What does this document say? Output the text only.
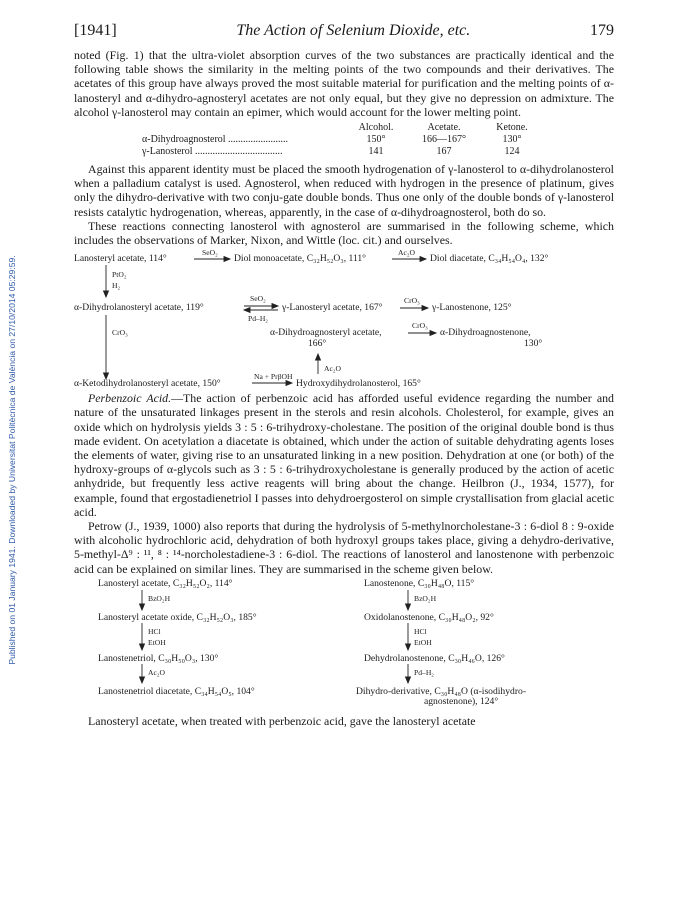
Published on 01 January 1941. Downloaded by Universitat Politècnica de València on 27/10/2014 05:29:59.
[1941]	The Action of Selenium Dioxide, etc.	179

noted (Fig. 1) that the ultra-violet absorption curves of the two substances are practically identical and the following table shows the similarity in the melting points of the two compounds and their derivatives. The acetates of this group have always proved the most suitable material for purification and the melting points of α-lanosteryl and α-dihydro-agnosteryl acetates are not only equal, but they give no depression on admixture. The alcohol γ-lanosterol may contain an epimer, which would account for the lower melting point.

	Alcohol.	Acetate.	Ketone.
α-Dihydroagnosterol ........................	150°	166—167°	130°
γ-Lanosterol ...................................	141	167	124

Against this apparent identity must be placed the smooth hydrogenation of γ-lanosterol to α-dihydrolanosterol when a palladium catalyst is used. Agnosterol, when reduced with hydrogen in the presence of platinum, gives only the dihydro-derivative with two conju-gate double bonds. Thus one only of the double bonds of γ-lanosterol resists catalytic hydrogenation, whereas, apparently, in the case of α-dihydroagnosterol, both do so.

These reactions connecting lanosterol with agnosterol are summarised in the following scheme, which includes the observations of Marker, Nixon, and Wittle (loc. cit.) and ourselves.

Lanosteryl acetate, 114°
SeO₂
Diol monoacetate, C₃₂H₅₂O₃, 111°
Ac₂O
Diol diacetate, C₃₄H₅₄O₄, 132°
PtO₂
H₂
α-Dihydrolanosteryl acetate, 119°
SeO₂
Pd–H₂
γ-Lanosteryl acetate, 167°
CrO₃
γ-Lanostenone, 125°
CrO₃	α-Dihydroagnosteryl acetate,
166°
CrO₃
α-Dihydroagnostenone,
130°
Ac₂O
α-Ketodihydrolanosteryl acetate, 150°
Na + PrβOH
Hydroxydihydrolanosterol, 165°

Perbenzoic Acid.—The action of perbenzoic acid has afforded useful evidence regarding the number and nature of the unsaturated linkages present in the sterols and resin alcohols. Cholesterol, for example, gives an oxide which on hydrolysis yields 3 : 5 : 6-trihydroxy-cholestane. The position of the original double bond is thus made evident. On acetylation a diacetate is obtained, which under the action of suitable dehydrating agents loses the elements of water, giving rise to an unsaturated linking in a new position. Dehydration at one (or both) of the hydroxy-groups of α-glycols such as 3 : 5 : 6-trihydroxycholestane is generally produced by the action of acetic anhydride, but frequently less active reagents will bring about the change. Heilbron (J., 1934, 1577), for example, found that ergostadienetriol I passes into dehydroergosterol on simple crystallisation from glacial acetic acid.

Petrow (J., 1939, 1000) also reports that during the hydrolysis of 5-methylnorcholestane-3 : 6-diol 8 : 9-oxide with alcoholic hydrochloric acid, dehydration of both hydroxyl groups takes place, giving a dehydro-derivative, 5-methyl-Δ⁹ : ¹¹, ⁸ : ¹⁴-norcholestadiene-3 : 6-diol. The reactions of lanosterol and lanostenone with perbenzoic acid can be explained on similar lines. They are summarised in the scheme given below.

Lanosteryl acetate, C₃₂H₅₂O₂, 114°
BzO₂H
Lanosteryl acetate oxide, C₃₂H₅₂O₃, 185°
HCl
EtOH
Lanostenetriol, C₃₀H₅₀O₃, 130°
Ac₂O
Lanostenetriol diacetate, C₃₄H₅₄O₅, 104°
Lanostenone, C₃₀H₄₈O, 115°
BzO₂H
Oxidolanostenone, C₃₀H₄₈O₂, 92°
HCl
EtOH
Dehydrolanostenone, C₃₀H₄₆O, 126°
Pd–H₂
Dihydro-derivative, C₃₀H₄₈O (α-isodihydro-
agnostenone), 124°

Lanosteryl acetate, when treated with perbenzoic acid, gave the lanosteryl acetate
